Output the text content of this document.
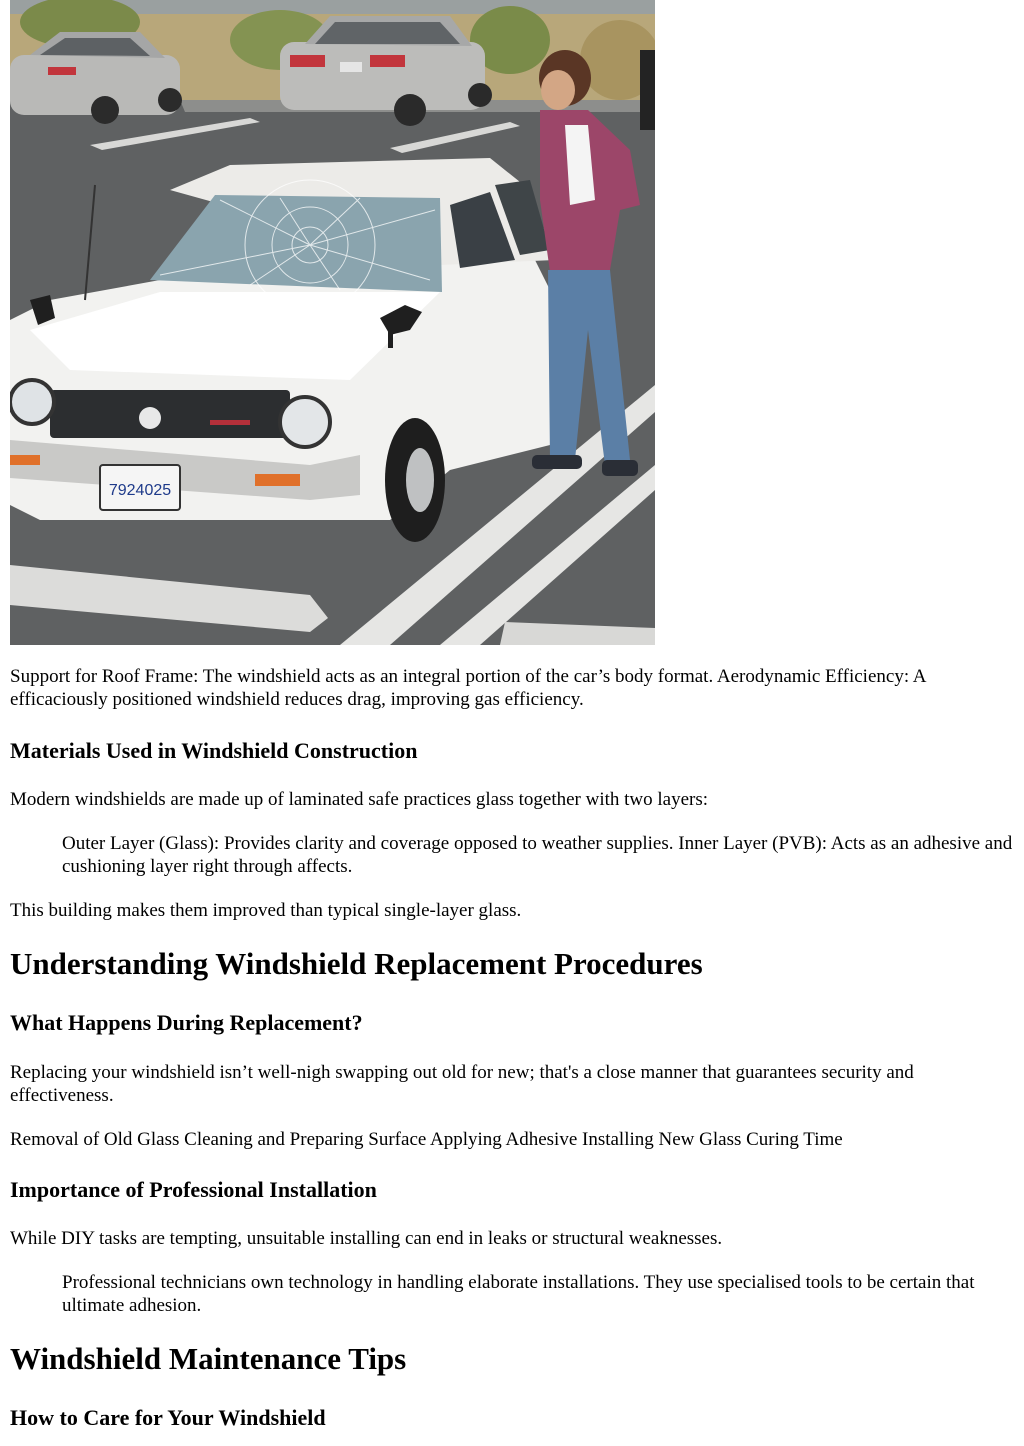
7924025

Support for Roof Frame: The windshield acts as an integral portion of the car’s body format. Aerodynamic Efficiency: A efficaciously positioned windshield reduces drag, improving gas efficiency.

Materials Used in Windshield Construction

Modern windshields are made up of laminated safe practices glass together with two layers:

Outer Layer (Glass): Provides clarity and coverage opposed to weather supplies. Inner Layer (PVB): Acts as an adhesive and cushioning layer right through affects.

This building makes them improved than typical single-layer glass.

Understanding Windshield Replacement Procedures
What Happens During Replacement?

Replacing your windshield isn’t well-nigh swapping out old for new; that's a close manner that guarantees security and effectiveness.

Removal of Old Glass Cleaning and Preparing Surface Applying Adhesive Installing New Glass Curing Time

Importance of Professional Installation

While DIY tasks are tempting, unsuitable installing can end in leaks or structural weaknesses.

Professional technicians own technology in handling elaborate installations. They use specialised tools to be certain that ultimate adhesion.
Windshield Maintenance Tips
How to Care for Your Windshield
